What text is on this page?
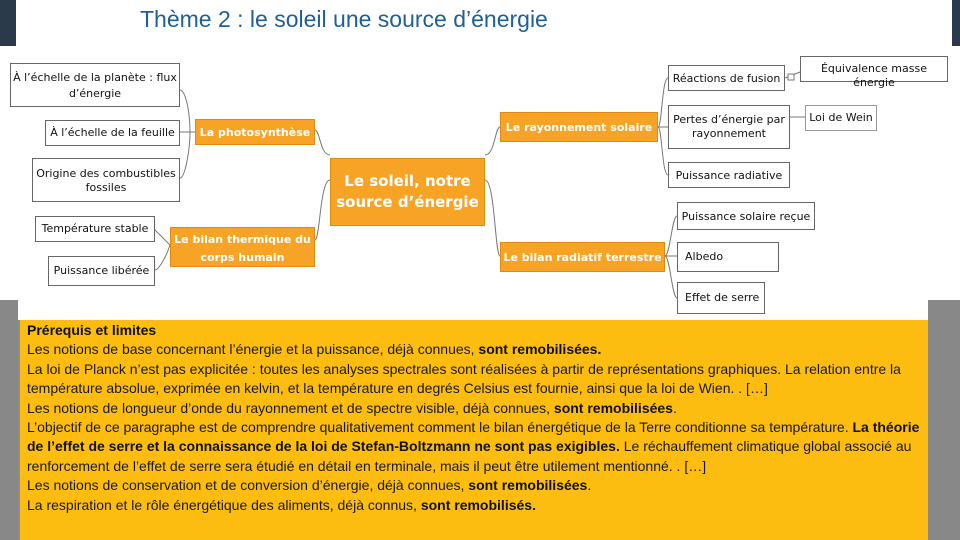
Thème 2 : le soleil une source d’énergie
Le soleil, notre
source d’énergie
La photosynthèse	Le rayonnement solaire
Le bilan thermique du
corps humain	Le bilan radiatif terrestre
À l’échelle de la planète : flux
d’énergie
À l’échelle de la feuille
Origine des combustibles
fossiles
Température stable
Puissance libérée
Réactions de fusion
Équivalence masse énergie
Pertes d’énergie par
rayonnement
Loi de Wein
Puissance radiative
Puissance solaire reçue
Albedo
Effet de serre

Prérequis et limites

Les notions de base concernant l’énergie et la puissance, déjà connues, sont remobilisées.

La loi de Planck n’est pas explicitée : toutes les analyses spectrales sont réalisées à partir de représentations graphiques. La relation entre la température absolue, exprimée en kelvin, et la température en degrés Celsius est fournie, ainsi que la loi de Wien. . […]

Les notions de longueur d’onde du rayonnement et de spectre visible, déjà connues, sont remobilisées.

L’objectif de ce paragraphe est de comprendre qualitativement comment le bilan énergétique de la Terre conditionne sa température. La théorie de l’effet de serre et la connaissance de la loi de Stefan-Boltzmann ne sont pas exigibles. Le réchauffement climatique global associé au renforcement de l’effet de serre sera étudié en détail en terminale, mais il peut être utilement mentionné. . […]

Les notions de conservation et de conversion d’énergie, déjà connues, sont remobilisées.

La respiration et le rôle énergétique des aliments, déjà connus, sont remobilisés.
